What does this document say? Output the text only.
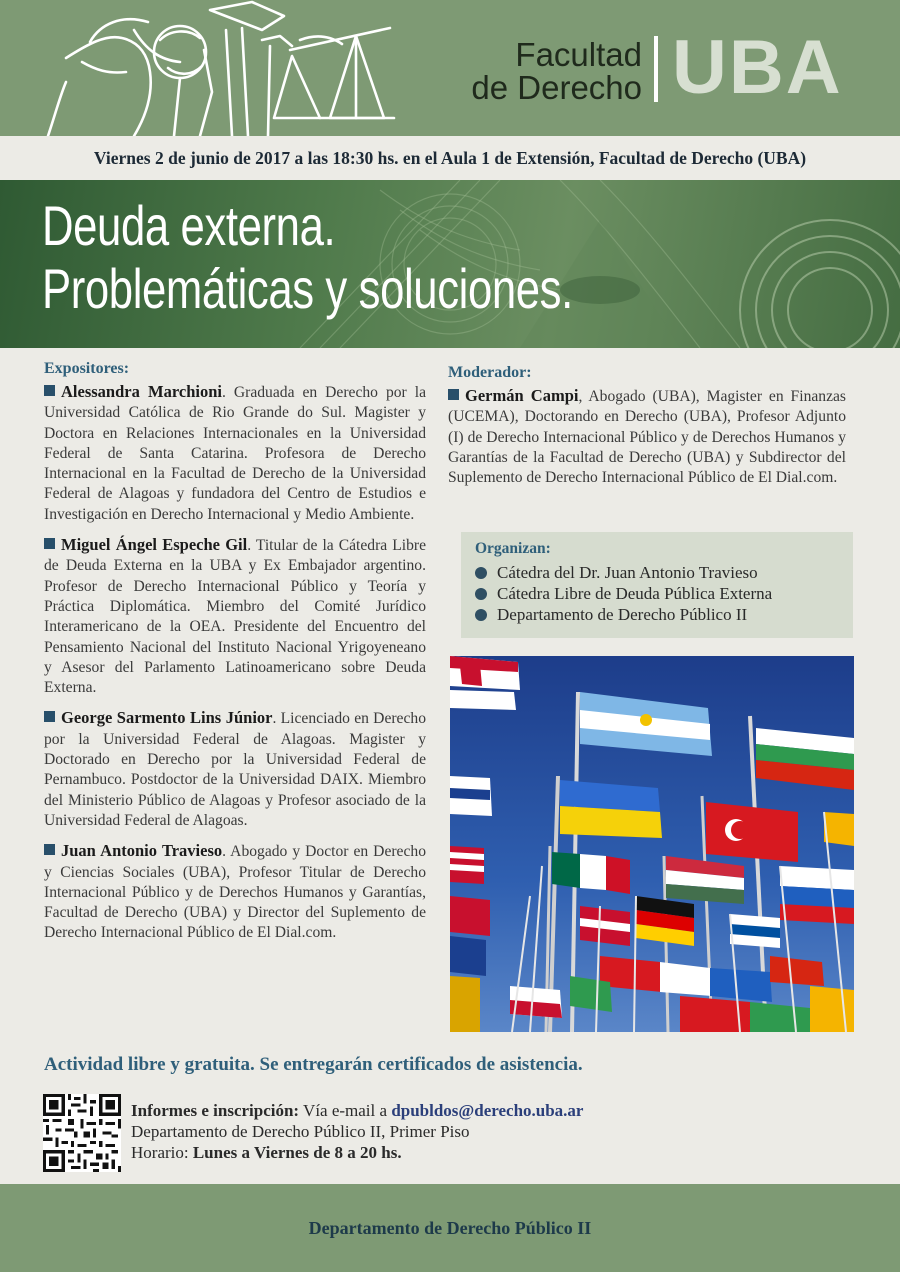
Facultad
de Derecho UBA
Viernes 2 de junio de 2017 a las 18:30 hs. en el Aula 1 de Extensión, Facultad de Derecho (UBA)
Deuda externa.
Problemáticas y soluciones.
Expositores:

Alessandra Marchioni. Graduada en Derecho por la Universidad Católica de Rio Grande do Sul. Magister y Doctora en Relaciones Internacionales en la Universidad Federal de Santa Catarina. Profesora de Derecho Internacional en la Facultad de Derecho de la Universidad Federal de Alagoas y fundadora del Centro de Estudios e Investigación en Derecho Internacional y Medio Ambiente.

Miguel Ángel Espeche Gil. Titular de la Cátedra Libre de Deuda Externa en la UBA y Ex Embajador argentino. Profesor de Derecho Internacional Público y Teoría y Práctica Diplomática. Miembro del Comité Jurídico Interamericano de la OEA. Presidente del Encuentro del Pensamiento Nacional del Instituto Nacional Yrigoyeneano y Asesor del Parlamento Latinoamericano sobre Deuda Externa.

George Sarmento Lins Júnior. Licenciado en Derecho por la Universidad Federal de Alagoas. Magister y Doctorado en Derecho por la Universidad Federal de Pernambuco. Postdoctor de la Universidad DAIX. Miembro del Ministerio Público de Alagoas y Profesor asociado de la Universidad Federal de Alagoas.

Juan Antonio Travieso. Abogado y Doctor en Derecho y Ciencias Sociales (UBA), Profesor Titular de Derecho Internacional Público y de Derechos Humanos y Garantías, Facultad de Derecho (UBA) y Director del Suplemento de Derecho Internacional Público de El Dial.com.

Moderador:

Germán Campi, Abogado (UBA), Magister en Finanzas (UCEMA), Doctorando en Derecho (UBA), Profesor Adjunto (I) de Derecho Internacional Público y de Derechos Humanos y Garantías de la Facultad de Derecho (UBA) y Subdirector del Suplemento de Derecho Internacional Público de El Dial.com.

Organizan:
Cátedra del Dr. Juan Antonio Travieso
Cátedra Libre de Deuda Pública Externa
Departamento de Derecho Público II
Actividad libre y gratuita. Se entregarán certificados de asistencia.
Informes e inscripción: Vía e-mail a dpubldos@derecho.uba.ar
Departamento de Derecho Público II, Primer Piso
Horario: Lunes a Viernes de 8 a 20 hs.
Departamento de Derecho Público II
